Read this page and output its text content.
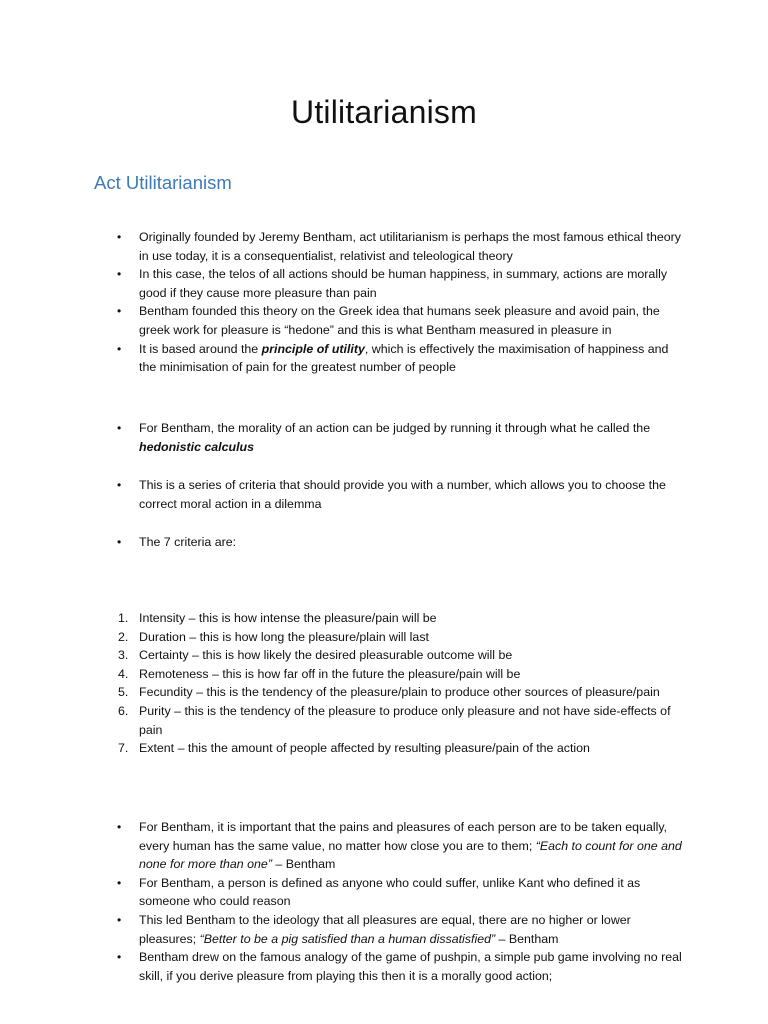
Utilitarianism
Act Utilitarianism
• Originally founded by Jeremy Bentham, act utilitarianism is perhaps the most famous ethical theory in use today, it is a consequentialist, relativist and teleological theory
• In this case, the telos of all actions should be human happiness, in summary, actions are morally good if they cause more pleasure than pain
• Bentham founded this theory on the Greek idea that humans seek pleasure and avoid pain, the greek work for pleasure is “hedone” and this is what Bentham measured in pleasure in
• It is based around the principle of utility, which is effectively the maximisation of happiness and the minimisation of pain for the greatest number of people
• For Bentham, the morality of an action can be judged by running it through what he called the hedonistic calculus
• This is a series of criteria that should provide you with a number, which allows you to choose the correct moral action in a dilemma
• The 7 criteria are:
1. Intensity – this is how intense the pleasure/pain will be
2. Duration – this is how long the pleasure/plain will last
3. Certainty – this is how likely the desired pleasurable outcome will be
4. Remoteness – this is how far off in the future the pleasure/pain will be
5. Fecundity – this is the tendency of the pleasure/plain to produce other sources of pleasure/pain
6. Purity – this is the tendency of the pleasure to produce only pleasure and not have side-effects of pain
7. Extent – this the amount of people affected by resulting pleasure/pain of the action
• For Bentham, it is important that the pains and pleasures of each person are to be taken equally, every human has the same value, no matter how close you are to them; “Each to count for one and none for more than one” – Bentham
• For Bentham, a person is defined as anyone who could suffer, unlike Kant who defined it as someone who could reason
• This led Bentham to the ideology that all pleasures are equal, there are no higher or lower pleasures; “Better to be a pig satisfied than a human dissatisfied” – Bentham
• Bentham drew on the famous analogy of the game of pushpin, a simple pub game involving no real skill, if you derive pleasure from playing this then it is a morally good action;
